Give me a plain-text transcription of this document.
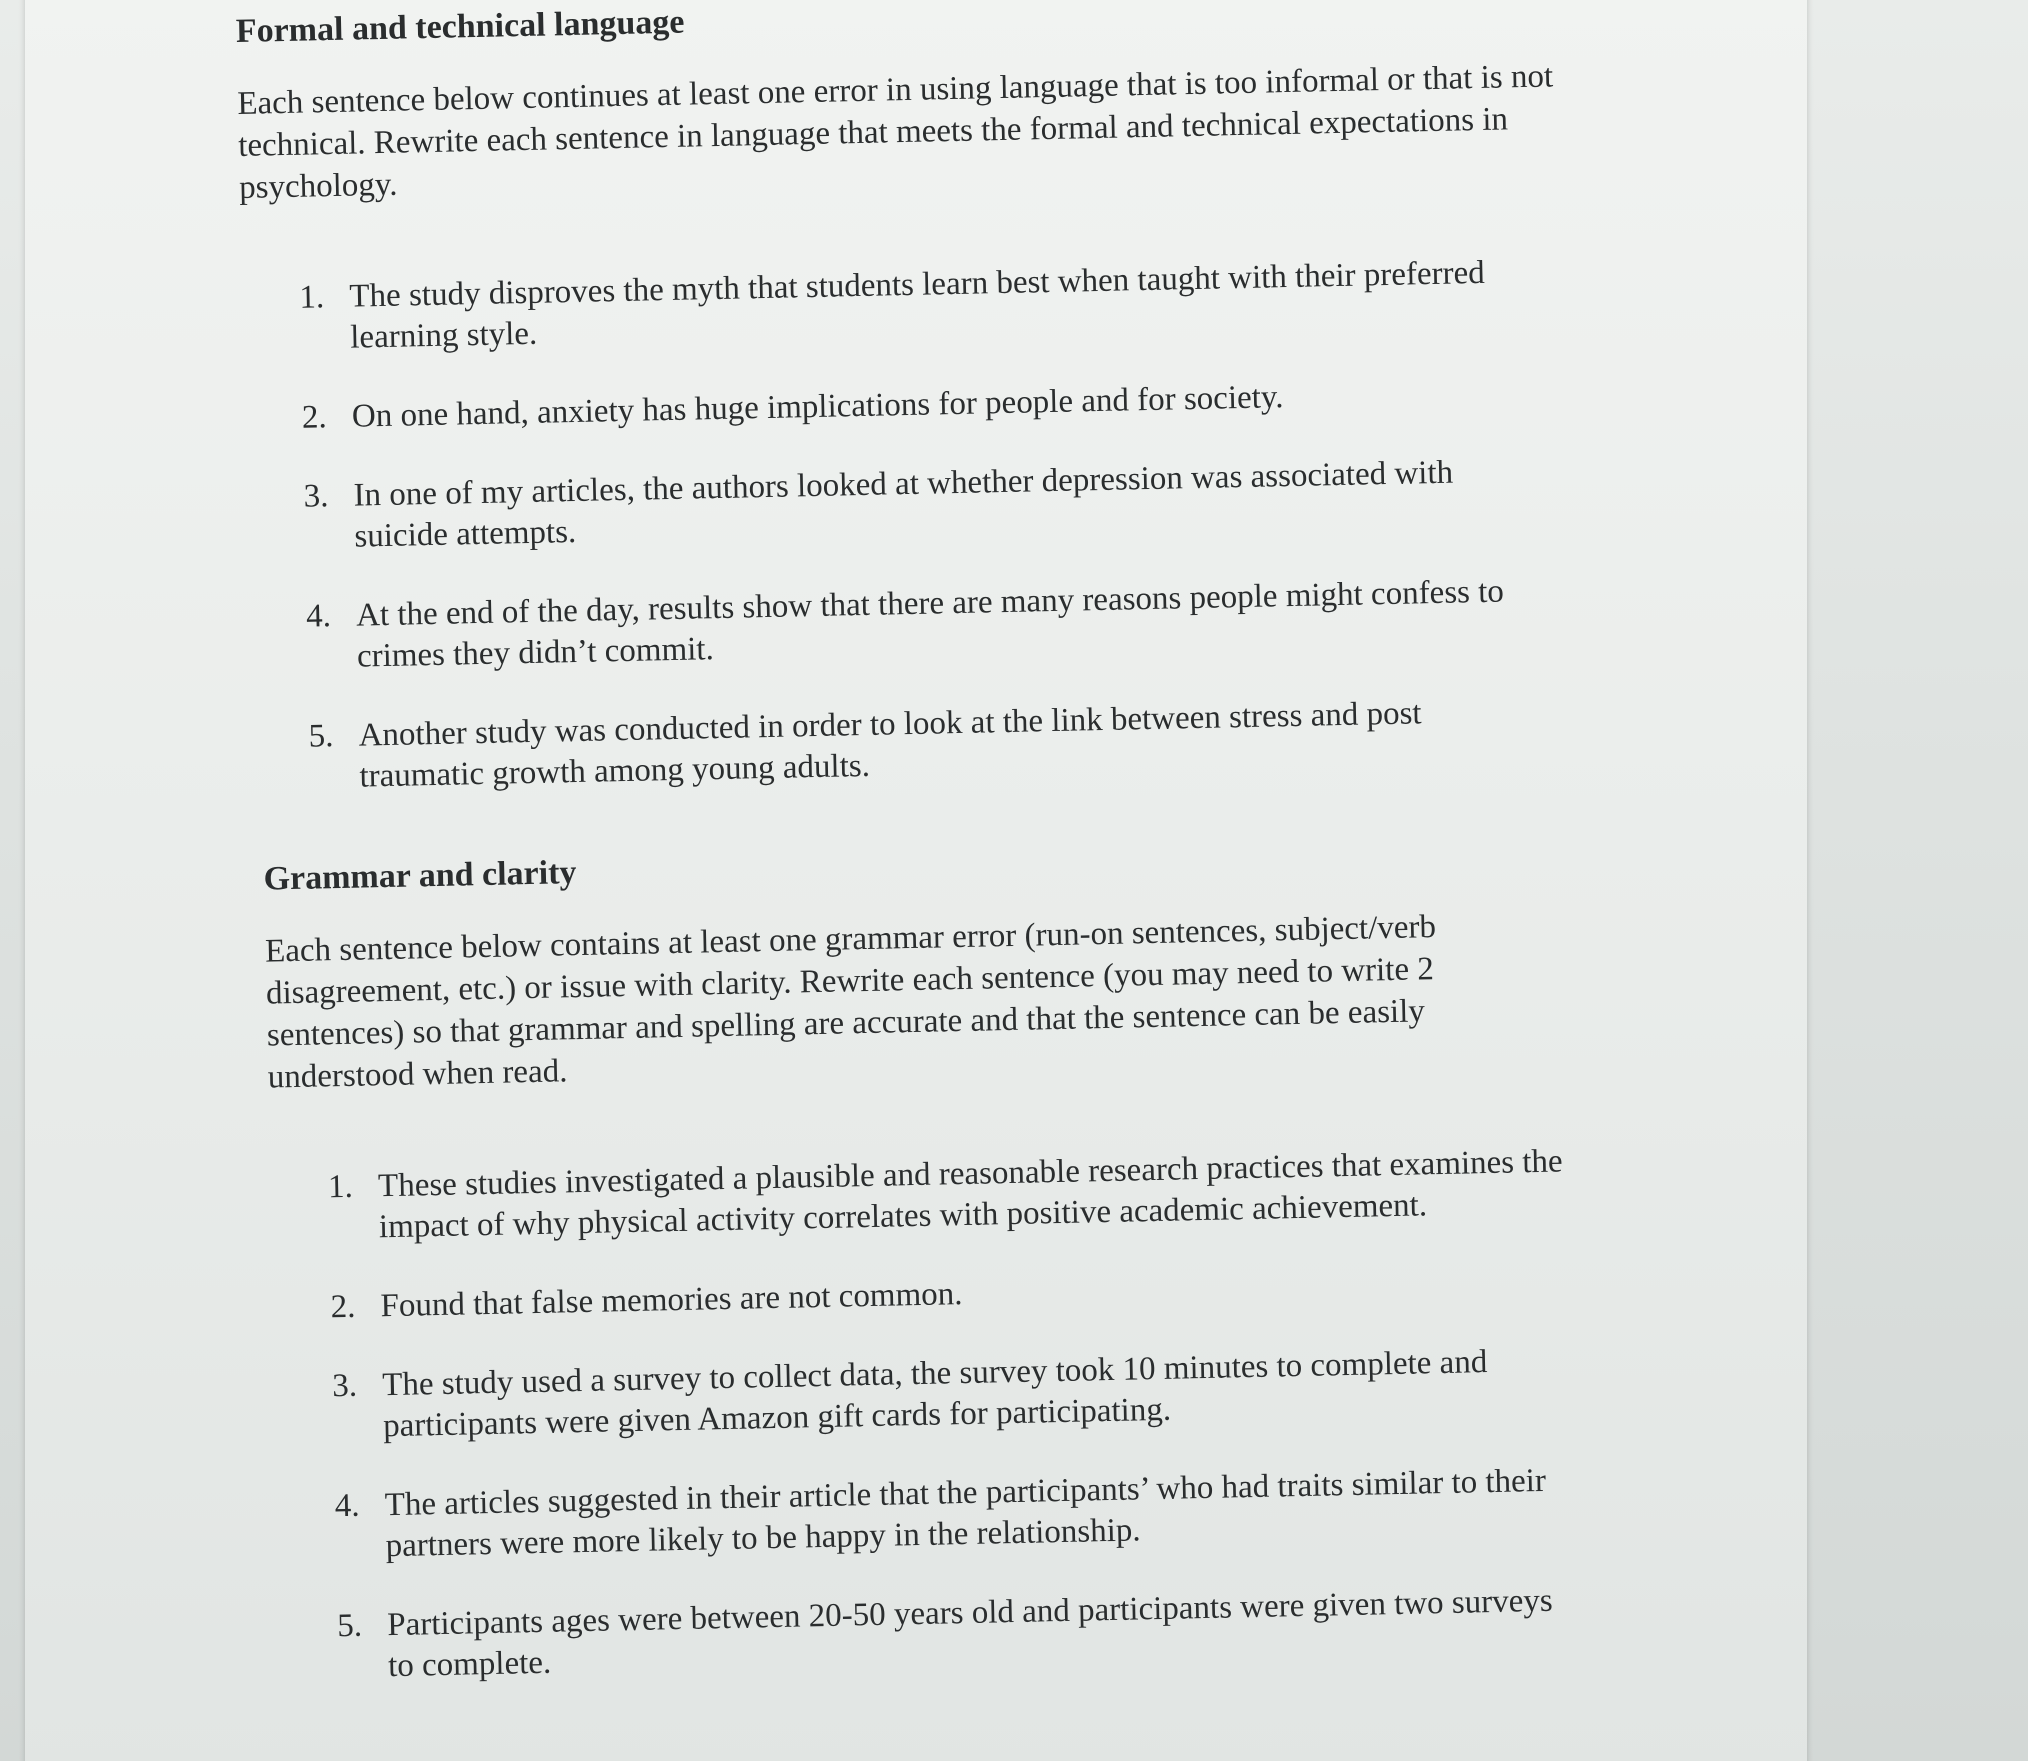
Formal and technical language

Each sentence below continues at least one error in using language that is too informal or that is not technical. Rewrite each sentence in language that meets the formal and technical expectations in psychology.

1. The study disproves the myth that students learn best when taught with their preferred learning style.
2. On one hand, anxiety has huge implications for people and for society.
3. In one of my articles, the authors looked at whether depression was associated with suicide attempts.
4. At the end of the day, results show that there are many reasons people might confess to crimes they didn’t commit.
5. Another study was conducted in order to look at the link between stress and post traumatic growth among young adults.
Grammar and clarity

Each sentence below contains at least one grammar error (run-on sentences, subject/verb disagreement, etc.) or issue with clarity. Rewrite each sentence (you may need to write 2 sentences) so that grammar and spelling are accurate and that the sentence can be easily understood when read.

1. These studies investigated a plausible and reasonable research practices that examines the impact of why physical activity correlates with positive academic achievement.
2. Found that false memories are not common.
3. The study used a survey to collect data, the survey took 10 minutes to complete and participants were given Amazon gift cards for participating.
4. The articles suggested in their article that the participants’ who had traits similar to their partners were more likely to be happy in the relationship.
5. Participants ages were between 20-50 years old and participants were given two surveys to complete.
